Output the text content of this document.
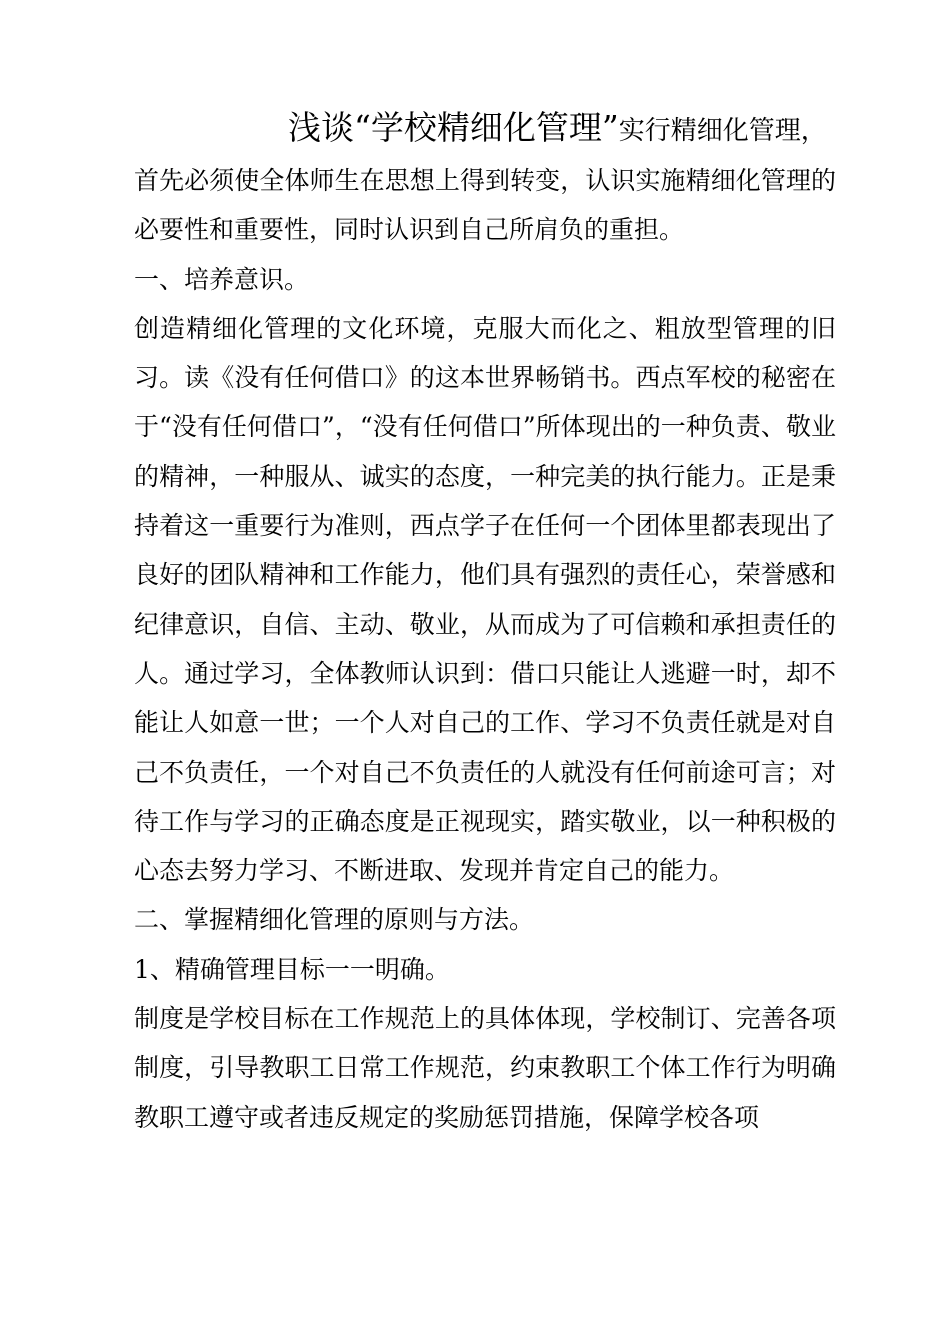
浅谈“学校精细化管理”实行精细化管理，

首先必须使全体师生在思想上得到转变，认识实施精细化管理的必要性和重要性，同时认识到自己所肩负的重担。

一、培养意识。

创造精细化管理的文化环境，克服大而化之、粗放型管理的旧习。读《没有任何借口》的这本世界畅销书。西点军校的秘密在于“没有任何借口”，“没有任何借口”所体现出的一种负责、敬业的精神，一种服从、诚实的态度，一种完美的执行能力。正是秉持着这一重要行为准则，西点学子在任何一个团体里都表现出了良好的团队精神和工作能力，他们具有强烈的责任心，荣誉感和纪律意识，自信、主动、敬业，从而成为了可信赖和承担责任的人。通过学习，全体教师认识到：借口只能让人逃避一时，却不能让人如意一世；一个人对自己的工作、学习不负责任就是对自己不负责任，一个对自己不负责任的人就没有任何前途可言；对待工作与学习的正确态度是正视现实，踏实敬业，以一种积极的心态去努力学习、不断进取、发现并肯定自己的能力。

二、掌握精细化管理的原则与方法。

1、精确管理目标一一明确。

制度是学校目标在工作规范上的具体体现，学校制订、完善各项制度，引导教职工日常工作规范，约束教职工个体工作行为明确教职工遵守或者违反规定的奖励惩罚措施，保障学校各项
